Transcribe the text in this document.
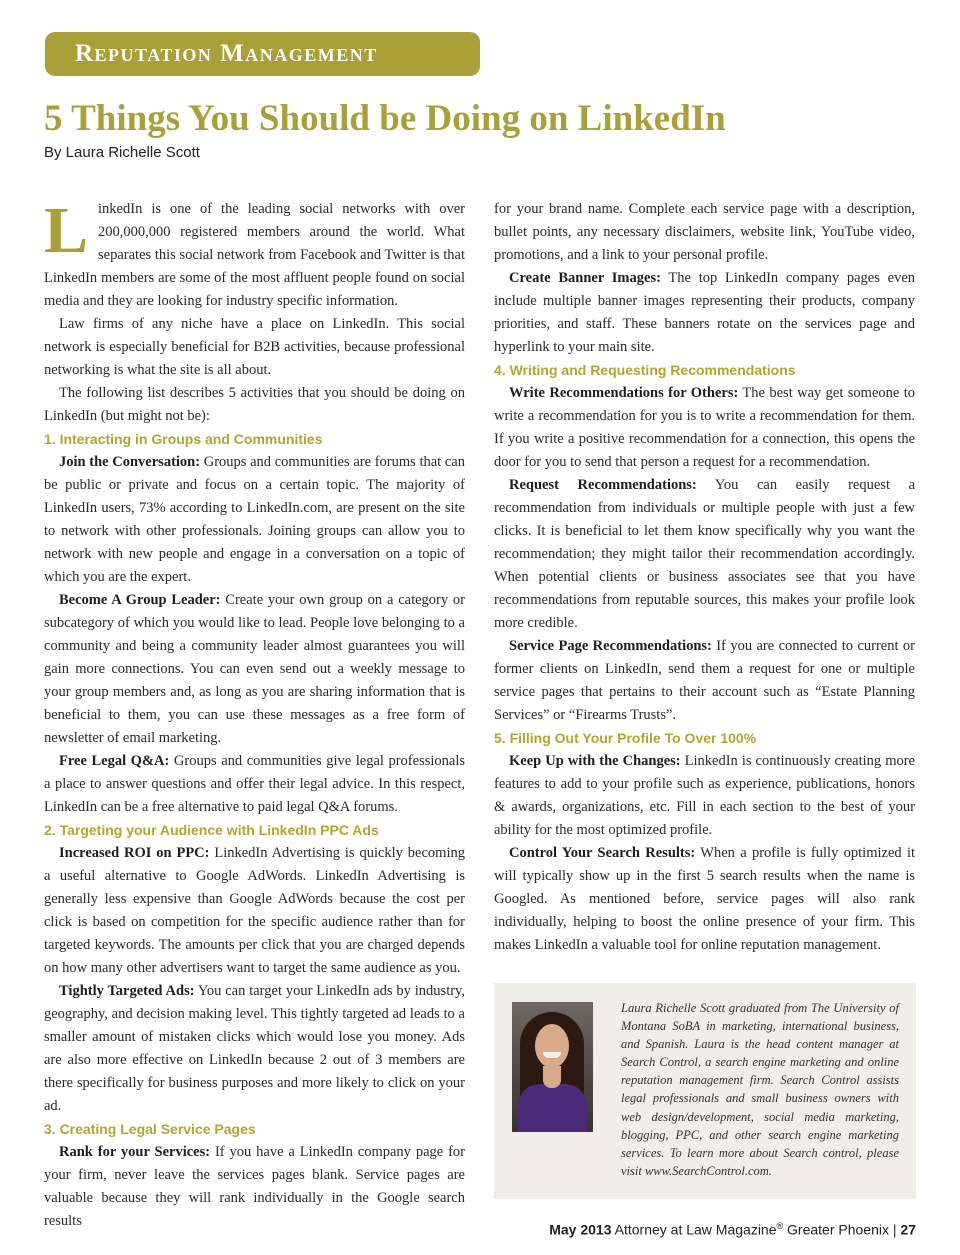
Reputation Management
5 Things You Should be Doing on LinkedIn
By Laura Richelle Scott

LinkedIn is one of the leading social networks with over 200,000,000 registered members around the world. What separates this social network from Facebook and Twitter is that LinkedIn members are some of the most affluent people found on social media and they are looking for industry specific information.

Law firms of any niche have a place on LinkedIn. This social network is especially beneficial for B2B activities, because professional networking is what the site is all about.

The following list describes 5 activities that you should be doing on LinkedIn (but might not be):

1. Interacting in Groups and Communities

Join the Conversation: Groups and communities are forums that can be public or private and focus on a certain topic. The majority of LinkedIn users, 73% according to LinkedIn.com, are present on the site to network with other professionals. Joining groups can allow you to network with new people and engage in a conversation on a topic of which you are the expert.

Become A Group Leader: Create your own group on a category or subcategory of which you would like to lead. People love belonging to a community and being a community leader almost guarantees you will gain more connections. You can even send out a weekly message to your group members and, as long as you are sharing information that is beneficial to them, you can use these messages as a free form of newsletter of email marketing.

Free Legal Q&A: Groups and communities give legal professionals a place to answer questions and offer their legal advice. In this respect, LinkedIn can be a free alternative to paid legal Q&A forums.

2. Targeting your Audience with LinkedIn PPC Ads

Increased ROI on PPC: LinkedIn Advertising is quickly becoming a useful alternative to Google AdWords. LinkedIn Advertising is generally less expensive than Google AdWords because the cost per click is based on competition for the specific audience rather than for targeted keywords. The amounts per click that you are charged depends on how many other advertisers want to target the same audience as you.

Tightly Targeted Ads: You can target your LinkedIn ads by industry, geography, and decision making level. This tightly targeted ad leads to a smaller amount of mistaken clicks which would lose you money. Ads are also more effective on LinkedIn because 2 out of 3 members are there specifically for business purposes and more likely to click on your ad.

3. Creating Legal Service Pages

Rank for your Services: If you have a LinkedIn company page for your firm, never leave the services pages blank. Service pages are valuable because they will rank individually in the Google search results

for your brand name. Complete each service page with a description, bullet points, any necessary disclaimers, website link, YouTube video, promotions, and a link to your personal profile.

Create Banner Images: The top LinkedIn company pages even include multiple banner images representing their products, company priorities, and staff. These banners rotate on the services page and hyperlink to your main site.

4. Writing and Requesting Recommendations

Write Recommendations for Others: The best way get someone to write a recommendation for you is to write a recommendation for them. If you write a positive recommendation for a connection, this opens the door for you to send that person a request for a recommendation.

Request Recommendations: You can easily request a recommendation from individuals or multiple people with just a few clicks. It is beneficial to let them know specifically why you want the recommendation; they might tailor their recommendation accordingly. When potential clients or business associates see that you have recommendations from reputable sources, this makes your profile look more credible.

Service Page Recommendations: If you are connected to current or former clients on LinkedIn, send them a request for one or multiple service pages that pertains to their account such as “Estate Planning Services” or “Firearms Trusts”.

5. Filling Out Your Profile To Over 100%

Keep Up with the Changes: LinkedIn is continuously creating more features to add to your profile such as experience, publications, honors & awards, organizations, etc. Fill in each section to the best of your ability for the most optimized profile.

Control Your Search Results: When a profile is fully optimized it will typically show up in the first 5 search results when the name is Googled. As mentioned before, service pages will also rank individually, helping to boost the online presence of your firm. This makes LinkedIn a valuable tool for online reputation management.

Laura Richelle Scott graduated from The University of Montana SoBA in marketing, international business, and Spanish. Laura is the head content manager at Search Control, a search engine marketing and online reputation management firm. Search Control assists legal professionals and small business owners with web design/development, social media marketing, blogging, PPC, and other search engine marketing services. To learn more about Search control, please visit www.SearchControl.com.

May 2013 Attorney at Law Magazine® Greater Phoenix | 27
